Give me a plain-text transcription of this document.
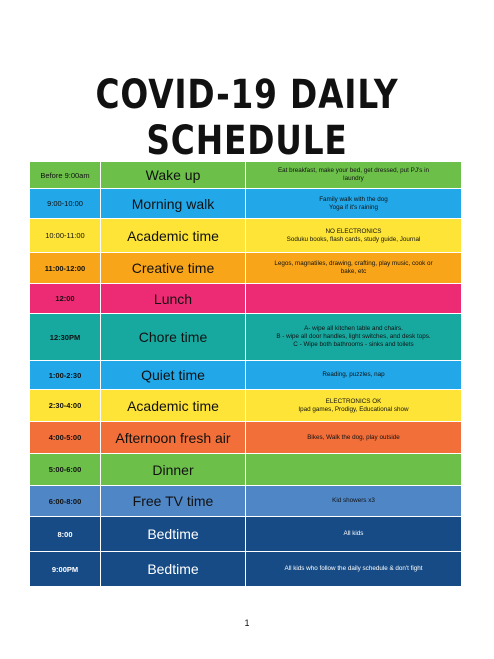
COVID-19 DAILY SCHEDULE
Before 9:00am	Wake up	Eat breakfast, make your bed, get dressed, put PJ's in
laundry

9:00-10:00	Morning walk	Family walk with the dog
Yoga if it's raining

10:00-11:00	Academic time	NO ELECTRONICS
Soduku books, flash cards, study guide, Journal

11:00-12:00	Creative time	Legos, magnatiles, drawing, crafting, play music, cook or
bake, etc

12:00	Lunch	
12:30PM	Chore time	A- wipe all kitchen table and chairs.
B - wipe all door handles, light switches, and desk tops.
C - Wipe both bathrooms - sinks and toilets

1:00-2:30	Quiet time	Reading, puzzles, nap

2:30-4:00	Academic time	ELECTRONICS OK
Ipad games, Prodigy, Educational show

4:00-5:00	Afternoon fresh air	Bikes, Walk the dog, play outside

5:00-6:00	Dinner	
6:00-8:00	Free TV time	Kid showers x3

8:00	Bedtime	All kids

9:00PM	Bedtime	All kids who follow the daily schedule & don't fight
1
